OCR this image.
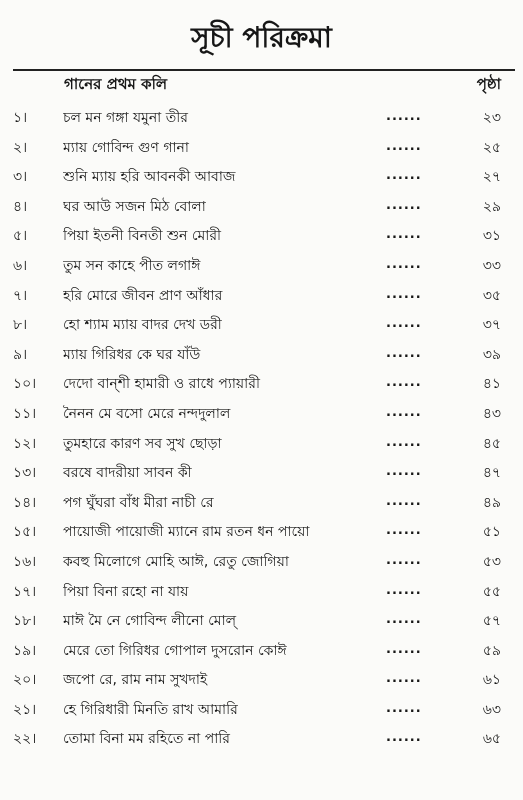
সূচী পরিক্রমা
গানের প্রথম কলি	পৃষ্ঠা
১।	চল মন গঙ্গা যমুনা তীর	......	২৩
২।	ম্যায় গোবিন্দ গুণ গানা	......	২৫
৩।	শুনি ম্যায় হরি আবনকী আবাজ	......	২৭
৪।	ঘর আউ সজন মিঠ বোলা	......	২৯
৫।	পিয়া ইতনী বিনতী শুন মোরী	......	৩১
৬।	তুম সন কাহে পীত লগাঈ	......	৩৩
৭।	হরি মোরে জীবন প্রাণ আঁধার	......	৩৫
৮।	হো শ্যাম ম্যায় বাদর দেখ ডরী	......	৩৭
৯।	ম্যায় গিরিধর কে ঘর যাঁউ	......	৩৯
১০।	দেদো বান্‌শী হামারী ও রাধে প্যায়ারী	......	৪১
১১।	নৈনন মে বসো মেরে নন্দদুলাল	......	৪৩
১২।	তুমহারে কারণ সব সুখ ছোড়া	......	৪৫
১৩।	বরষে বাদরীয়া সাবন কী	......	৪৭
১৪।	পগ ঘুঁঘরা বাঁধ মীরা নাচী রে	......	৪৯
১৫।	পায়োজী পায়োজী ম্যানে রাম রতন ধন পায়ো	......	৫১
১৬।	কবহু মিলোগে মোহি আঈ, রেতু জোগিয়া	......	৫৩
১৭।	পিয়া বিনা রহো না যায়	......	৫৫
১৮।	মাঈ মৈ নে গোবিন্দ লীনো মোল্	......	৫৭
১৯।	মেরে তো গিরিধর গোপাল দুসরোন কোঈ	......	৫৯
২০।	জপো রে, রাম নাম সুখদাই	......	৬১
২১।	হে গিরিধারী মিনতি রাখ আমারি	......	৬৩
২২।	তোমা বিনা মম রহিতে না পারি	......	৬৫
